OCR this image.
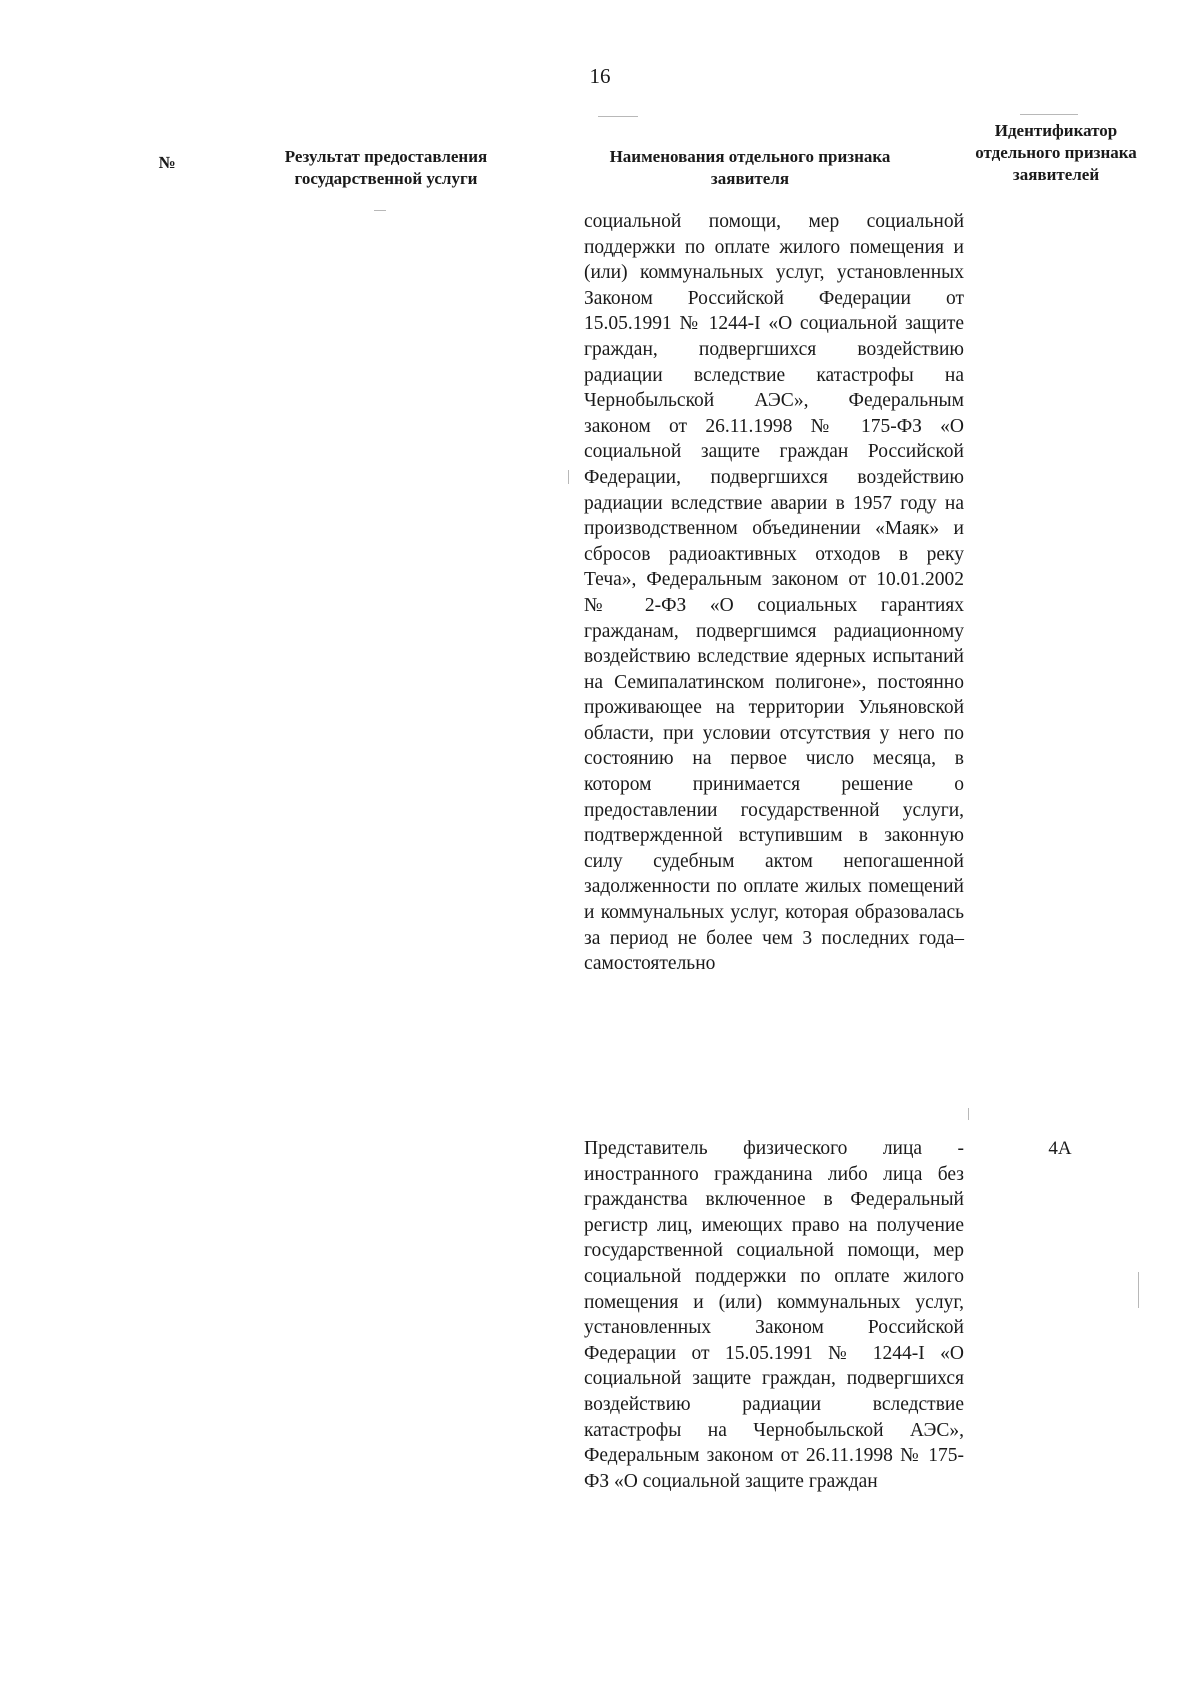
16
№	Результат предоставления государственной услуги
Наименования отдельного признака заявителя
Идентификатор отдельного признака заявителей

социальной помощи, мер социальной поддержки по оплате жилого помещения и (или) коммунальных услуг, установленных Законом Российской Федерации от 15.05.1991 № 1244-I «О социальной защите граждан, подвергшихся воздействию радиации вследствие катастрофы на Чернобыльской АЭС», Федеральным законом от 26.11.1998 № 175-ФЗ «О социальной защите граждан Российской Федерации, подвергшихся воздействию радиации вследствие аварии в 1957 году на производственном объединении «Маяк» и сбросов радиоактивных отходов в реку Теча», Федеральным законом от 10.01.2002 № 2-ФЗ «О социальных гарантиях гражданам, подвергшимся радиационному воздействию вследствие ядерных испытаний на Семипалатинском полигоне», постоянно проживающее на территории Ульяновской области, при условии отсутствия у него по состоянию на первое число месяца, в котором принимается решение о предоставлении государственной услуги, подтвержденной вступившим в законную силу судебным актом непогашенной задолженности по оплате жилых помещений и коммунальных услуг, которая образовалась за период не более чем 3 последних года– самостоятельно

Представитель физического лица - иностранного гражданина либо лица без гражданства включенное в Федеральный регистр лиц, имеющих право на получение государственной социальной помощи, мер социальной поддержки по оплате жилого помещения и (или) коммунальных услуг, установленных Законом Российской Федерации от 15.05.1991 № 1244-I «О социальной защите граждан, подвергшихся воздействию радиации вследствие катастрофы на Чернобыльской АЭС», Федеральным законом от 26.11.1998 № 175-ФЗ «О социальной защите граждан

4А
